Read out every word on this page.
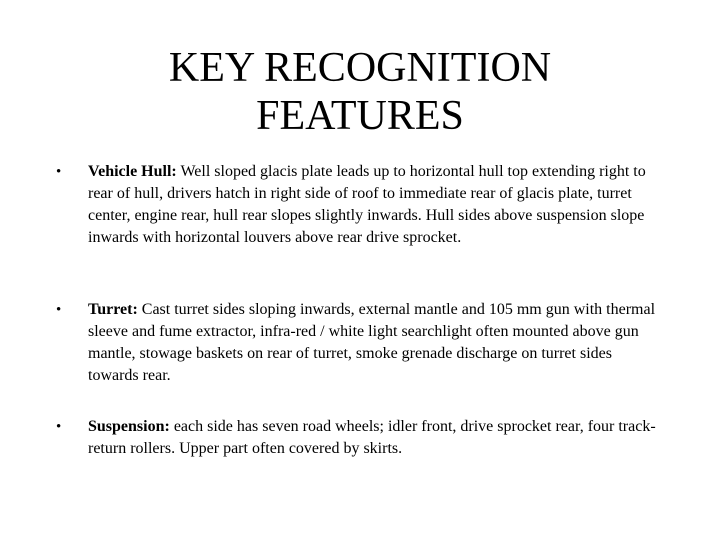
KEY RECOGNITION
FEATURES
• Vehicle Hull: Well sloped glacis plate leads up to horizontal hull top extending right to rear of hull, drivers hatch in right side of roof to immediate rear of glacis plate, turret center, engine rear, hull rear slopes slightly inwards. Hull sides above suspension slope inwards with horizontal louvers above rear drive sprocket.
• Turret: Cast turret sides sloping inwards, external mantle and 105 mm gun with thermal sleeve and fume extractor, infra-red / white light searchlight often mounted above gun mantle, stowage baskets on rear of turret, smoke grenade discharge on turret sides towards rear.
• Suspension: each side has seven road wheels; idler front, drive sprocket rear, four track-return rollers. Upper part often covered by skirts.
